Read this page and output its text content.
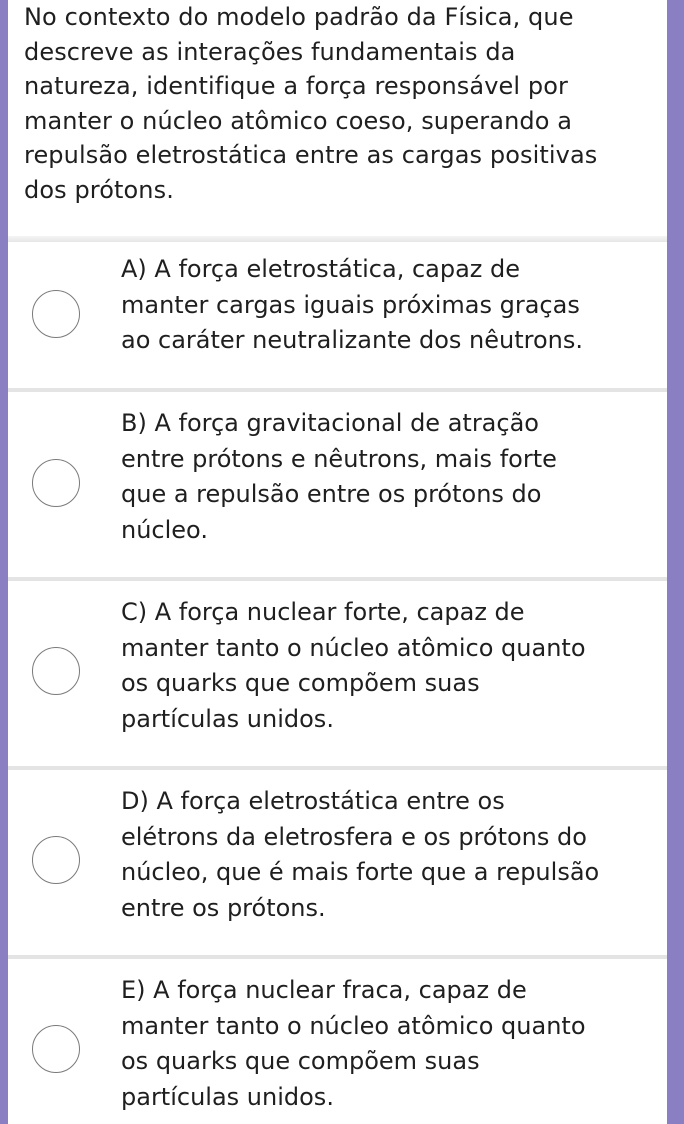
No contexto do modelo padrão da Física, que
descreve as interações fundamentais da
natureza, identifique a força responsável por
manter o núcleo atômico coeso, superando a
repulsão eletrostática entre as cargas positivas
dos prótons.
A) A força eletrostática, capaz de
manter cargas iguais próximas graças
ao caráter neutralizante dos nêutrons.
B) A força gravitacional de atração
entre prótons e nêutrons, mais forte
que a repulsão entre os prótons do
núcleo.
C) A força nuclear forte, capaz de
manter tanto o núcleo atômico quanto
os quarks que compõem suas
partículas unidos.
D) A força eletrostática entre os
elétrons da eletrosfera e os prótons do
núcleo, que é mais forte que a repulsão
entre os prótons.
E) A força nuclear fraca, capaz de
manter tanto o núcleo atômico quanto
os quarks que compõem suas
partículas unidos.
